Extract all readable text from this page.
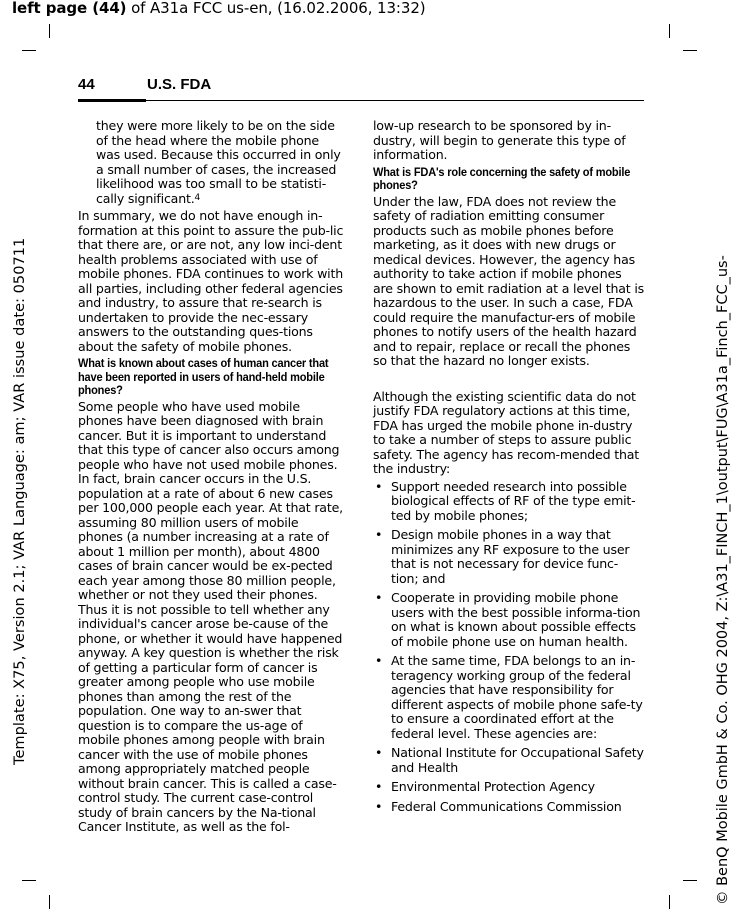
left page (44) of A31a FCC us-en, (16.02.2006, 13:32)
Template: X75, Version 2.1; VAR Language: am; VAR issue date: 050711	© BenQ Mobile GmbH & Co. OHG 2004, Z:\A31_FINCH_1\output\FUG\A31a_Finch_FCC_us-
44	U.S. FDA

they were more likely to be on the side of the head where the mobile phone was used. Because this occurred in only a small number of cases, the increased likelihood was too small to be statisti-cally significant.$^4$

In summary, we do not have enough in-formation at this point to assure the pub-lic that there are, or are not, any low inci-dent health problems associated with use of mobile phones. FDA continues to work with all parties, including other federal agencies and industry, to assure that re-search is undertaken to provide the nec-essary answers to the outstanding ques-tions about the safety of mobile phones.

What is known about cases of human cancer that have been reported in users of hand-held mobile phones?

Some people who have used mobile phones have been diagnosed with brain cancer. But it is important to understand that this type of cancer also occurs among people who have not used mobile phones. In fact, brain cancer occurs in the U.S. population at a rate of about 6 new cases per 100,000 people each year. At that rate, assuming 80 million users of mobile phones (a number increasing at a rate of about 1 million per month), about 4800 cases of brain cancer would be ex-pected each year among those 80 million people, whether or not they used their phones. Thus it is not possible to tell whether any individual's cancer arose be-cause of the phone, or whether it would have happened anyway. A key question is whether the risk of getting a particular form of cancer is greater among people who use mobile phones than among the rest of the population. One way to an-swer that question is to compare the us-age of mobile phones among people with brain cancer with the use of mobile phones among appropriately matched people without brain cancer. This is called a case-control study. The current case-control study of brain cancers by the Na-tional Cancer Institute, as well as the fol-

low-up research to be sponsored by in-dustry, will begin to generate this type of information.

What is FDA's role concerning the safety of mobile phones?

Under the law, FDA does not review the safety of radiation emitting consumer products such as mobile phones before marketing, as it does with new drugs or medical devices. However, the agency has authority to take action if mobile phones are shown to emit radiation at a level that is hazardous to the user. In such a case, FDA could require the manufactur-ers of mobile phones to notify users of the health hazard and to repair, replace or recall the phones so that the hazard no longer exists.

Although the existing scientific data do not justify FDA regulatory actions at this time, FDA has urged the mobile phone in-dustry to take a number of steps to assure public safety. The agency has recom-mended that the industry:

• Support needed research into possible biological effects of RF of the type emit-ted by mobile phones;
• Design mobile phones in a way that minimizes any RF exposure to the user that is not necessary for device func-tion; and
• Cooperate in providing mobile phone users with the best possible informa-tion on what is known about possible effects of mobile phone use on human health.
• At the same time, FDA belongs to an in-teragency working group of the federal agencies that have responsibility for different aspects of mobile phone safe-ty to ensure a coordinated effort at the federal level. These agencies are:
• National Institute for Occupational Safety and Health
• Environmental Protection Agency
• Federal Communications Commission
